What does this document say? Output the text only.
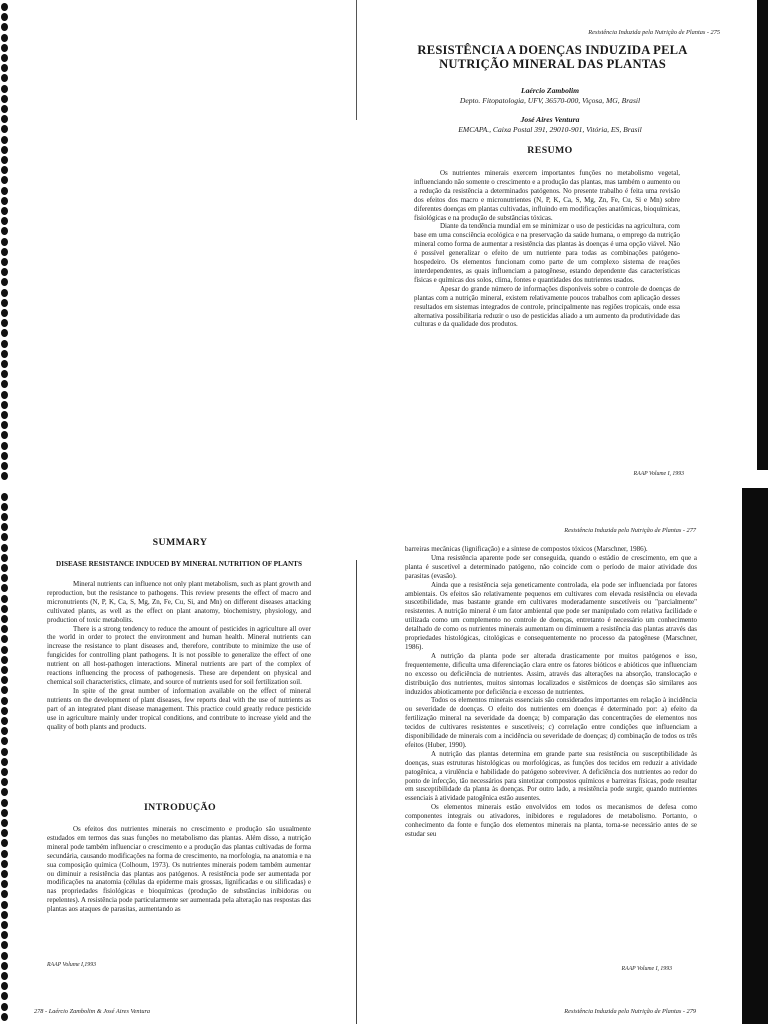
Resistência Induzida pela Nutrição de Plantas - 275
RESISTÊNCIA A DOENÇAS INDUZIDA PELA
NUTRIÇÃO MINERAL DAS PLANTAS
Laércio Zambolim
Depto. Fitopatologia, UFV, 36570-000, Viçosa, MG, Brasil
José Aires Ventura
EMCAPA., Caixa Postal 391, 29010-901, Vitória, ES, Brasil
RESUMO

Os nutrientes minerais exercem importantes funções no metabolismo vegetal, influenciando não somente o crescimento e a produção das plantas, mas também o aumento ou a redução da resistência a determinados patógenos. No presente trabalho é feita uma revisão dos efeitos dos macro e micronutrientes (N, P, K, Ca, S, Mg, Zn, Fe, Cu, Si e Mn) sobre diferentes doenças em plantas cultivadas, influindo em modificações anatômicas, bioquímicas, fisiológicas e na produção de substâncias tóxicas.

Diante da tendência mundial em se minimizar o uso de pesticidas na agricultura, com base em uma consciência ecológica e na preservação da saúde humana, o emprego da nutrição mineral como forma de aumentar a resistência das plantas às doenças é uma opção viável. Não é possível generalizar o efeito de um nutriente para todas as combinações patógeno-hospedeiro. Os elementos funcionam como parte de um complexo sistema de reações interdependentes, as quais influenciam a patogênese, estando dependente das características físicas e químicas dos solos, clima, fontes e quantidades dos nutrientes usados.

Apesar do grande número de informações disponíveis sobre o controle de doenças de plantas com a nutrição mineral, existem relativamente poucos trabalhos com aplicação desses resultados em sistemas integrados de controle, principalmente nas regiões tropicais, onde essa alternativa possibilitaria reduzir o uso de pesticidas aliado a um aumento da produtividade das culturas e da qualidade dos produtos.

RAAP Volume I, 1993
SUMMARY
DISEASE RESISTANCE INDUCED BY MINERAL NUTRITION OF PLANTS

Mineral nutrients can influence not only plant metabolism, such as plant growth and reproduction, but the resistance to pathogens. This review presents the effect of macro and micronutrients (N, P, K, Ca, S, Mg, Zn, Fe, Cu, Si, and Mn) on different diseases attacking cultivated plants, as well as the effect on plant anatomy, biochemistry, physiology, and production of toxic metabolits.

There is a strong tendency to reduce the amount of pesticides in agriculture all over the world in order to protect the environment and human health. Mineral nutrients can increase the resistance to plant diseases and, therefore, contribute to minimize the use of fungicides for controlling plant pathogens. It is not possible to generalize the effect of one nutrient on all host-pathogen interactions. Mineral nutrients are part of the complex of reactions influencing the process of pathogenesis. These are dependent on physical and chemical soil characteristics, climate, and source of nutrients used for soil fertilization soil.

In spite of the great number of information available on the effect of mineral nutrients on the development of plant diseases, few reports deal with the use of nutrients as part of an integrated plant disease management. This practice could greatly reduce pesticide use in agriculture mainly under tropical conditions, and contribute to increase yield and the quality of both plants and products.

INTRODUÇÃO

Os efeitos dos nutrientes minerais no crescimento e produção são usualmente estudados em termos das suas funções no metabolismo das plantas. Além disso, a nutrição mineral pode também influenciar o crescimento e a produção das plantas cultivadas de forma secundária, causando modificações na forma de crescimento, na morfologia, na anatomia e na sua composição química (Colhoum, 1973). Os nutrientes minerais podem também aumentar ou diminuir a resistência das plantas aos patógenos. A resistência pode ser aumentada por modificações na anatomia (células da epiderme mais grossas, lignificadas e ou silificadas) e nas propriedades fisiológicas e bioquímicas (produção de substâncias inibidoras ou repelentes). A resistência pode particularmente ser aumentada pela alteração nas respostas das plantas aos ataques de parasitas, aumentando as

RAAP Volume I,1993
278 - Laércio Zambolim & José Aires Ventura
Resistência Induzida pela Nutrição de Plantas - 277

barreiras mecânicas (lignificação) e a síntese de compostos tóxicos (Marschner, 1986).

Uma resistência aparente pode ser conseguida, quando o estádio de crescimento, em que a planta é suscetível a determinado patógeno, não coincide com o período de maior atividade dos parasitas (evasão).

Ainda que a resistência seja geneticamente controlada, ela pode ser influenciada por fatores ambientais. Os efeitos são relativamente pequenos em cultivares com elevada resistência ou elevada suscetibilidade, mas bastante grande em cultivares moderadamente suscetíveis ou "parcialmente" resistentes. A nutrição mineral é um fator ambiental que pode ser manipulado com relativa facilidade e utilizada como um complemento no controle de doenças, entretanto é necessário um conhecimento detalhado de como os nutrientes minerais aumentam ou diminuem a resistência das plantas através das propriedades histológicas, citológicas e consequentemente no processo da patogênese (Marschner, 1986).

A nutrição da planta pode ser alterada drasticamente por muitos patógenos e isso, frequentemente, dificulta uma diferenciação clara entre os fatores bióticos e abióticos que influenciam no excesso ou deficiência de nutrientes. Assim, através das alterações na absorção, translocação e distribuição dos nutrientes, muitos sintomas localizados e sistêmicos de doenças são similares aos induzidos abioticamente por deficiência e excesso de nutrientes.

Todos os elementos minerais essenciais são considerados importantes em relação à incidência ou severidade de doenças. O efeito dos nutrientes em doenças é determinado por: a) efeito da fertilização mineral na severidade da doença; b) comparação das concentrações de elementos nos tecidos de cultivares resistentes e suscetíveis; c) correlação entre condições que influenciam a disponibilidade de minerais com a incidência ou severidade de doenças; d) combinação de todos os três efeitos (Huber, 1990).

A nutrição das plantas determina em grande parte sua resistência ou susceptibilidade às doenças, suas estruturas histológicas ou morfológicas, as funções dos tecidos em reduzir a atividade patogênica, a virulência e habilidade do patógeno sobreviver. A deficiência dos nutrientes ao redor do ponto de infecção, tão necessários para sintetizar compostos químicos e barreiras físicas, pode resultar em susceptibilidade da planta às doenças. Por outro lado, a resistência pode surgir, quando nutrientes essenciais à atividade patogênica estão ausentes.

Os elementos minerais estão envolvidos em todos os mecanismos de defesa como componentes integrais ou ativadores, inibidores e reguladores de metabolismo. Portanto, o conhecimento da fonte e função dos elementos minerais na planta, torna-se necessário antes de se estudar seu

RAAP Volume I, 1993
Resistência Induzida pela Nutrição de Plantas - 279
